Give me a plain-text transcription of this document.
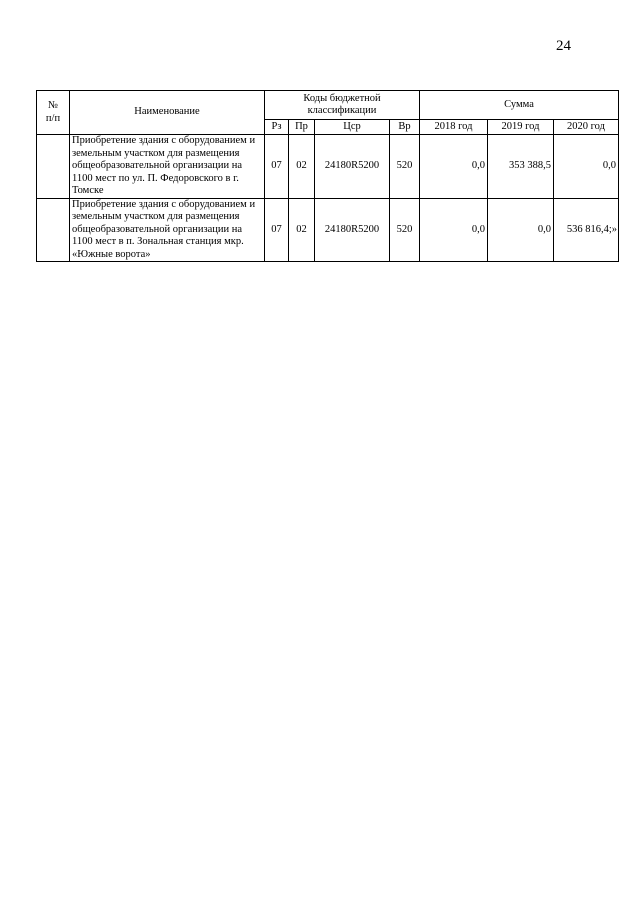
24
№
п/п	Наименование	Коды бюджетной классификации				Сумма		
		Рз	Пр	Цср	Вр	2018 год	2019 год	2020 год
	Приобретение здания с оборудованием и земельным участком для размещения общеобразовательной организации на 1100 мест по ул. П. Федоровского в г. Томске	07	02	24180R5200	520	0,0	353 388,5	0,0
	Приобретение здания с оборудованием и земельным участком для размещения общеобразовательной организации на 1100 мест в п. Зональная станция мкр. «Южные ворота»	07	02	24180R5200	520	0,0	0,0	536 816,4;»
